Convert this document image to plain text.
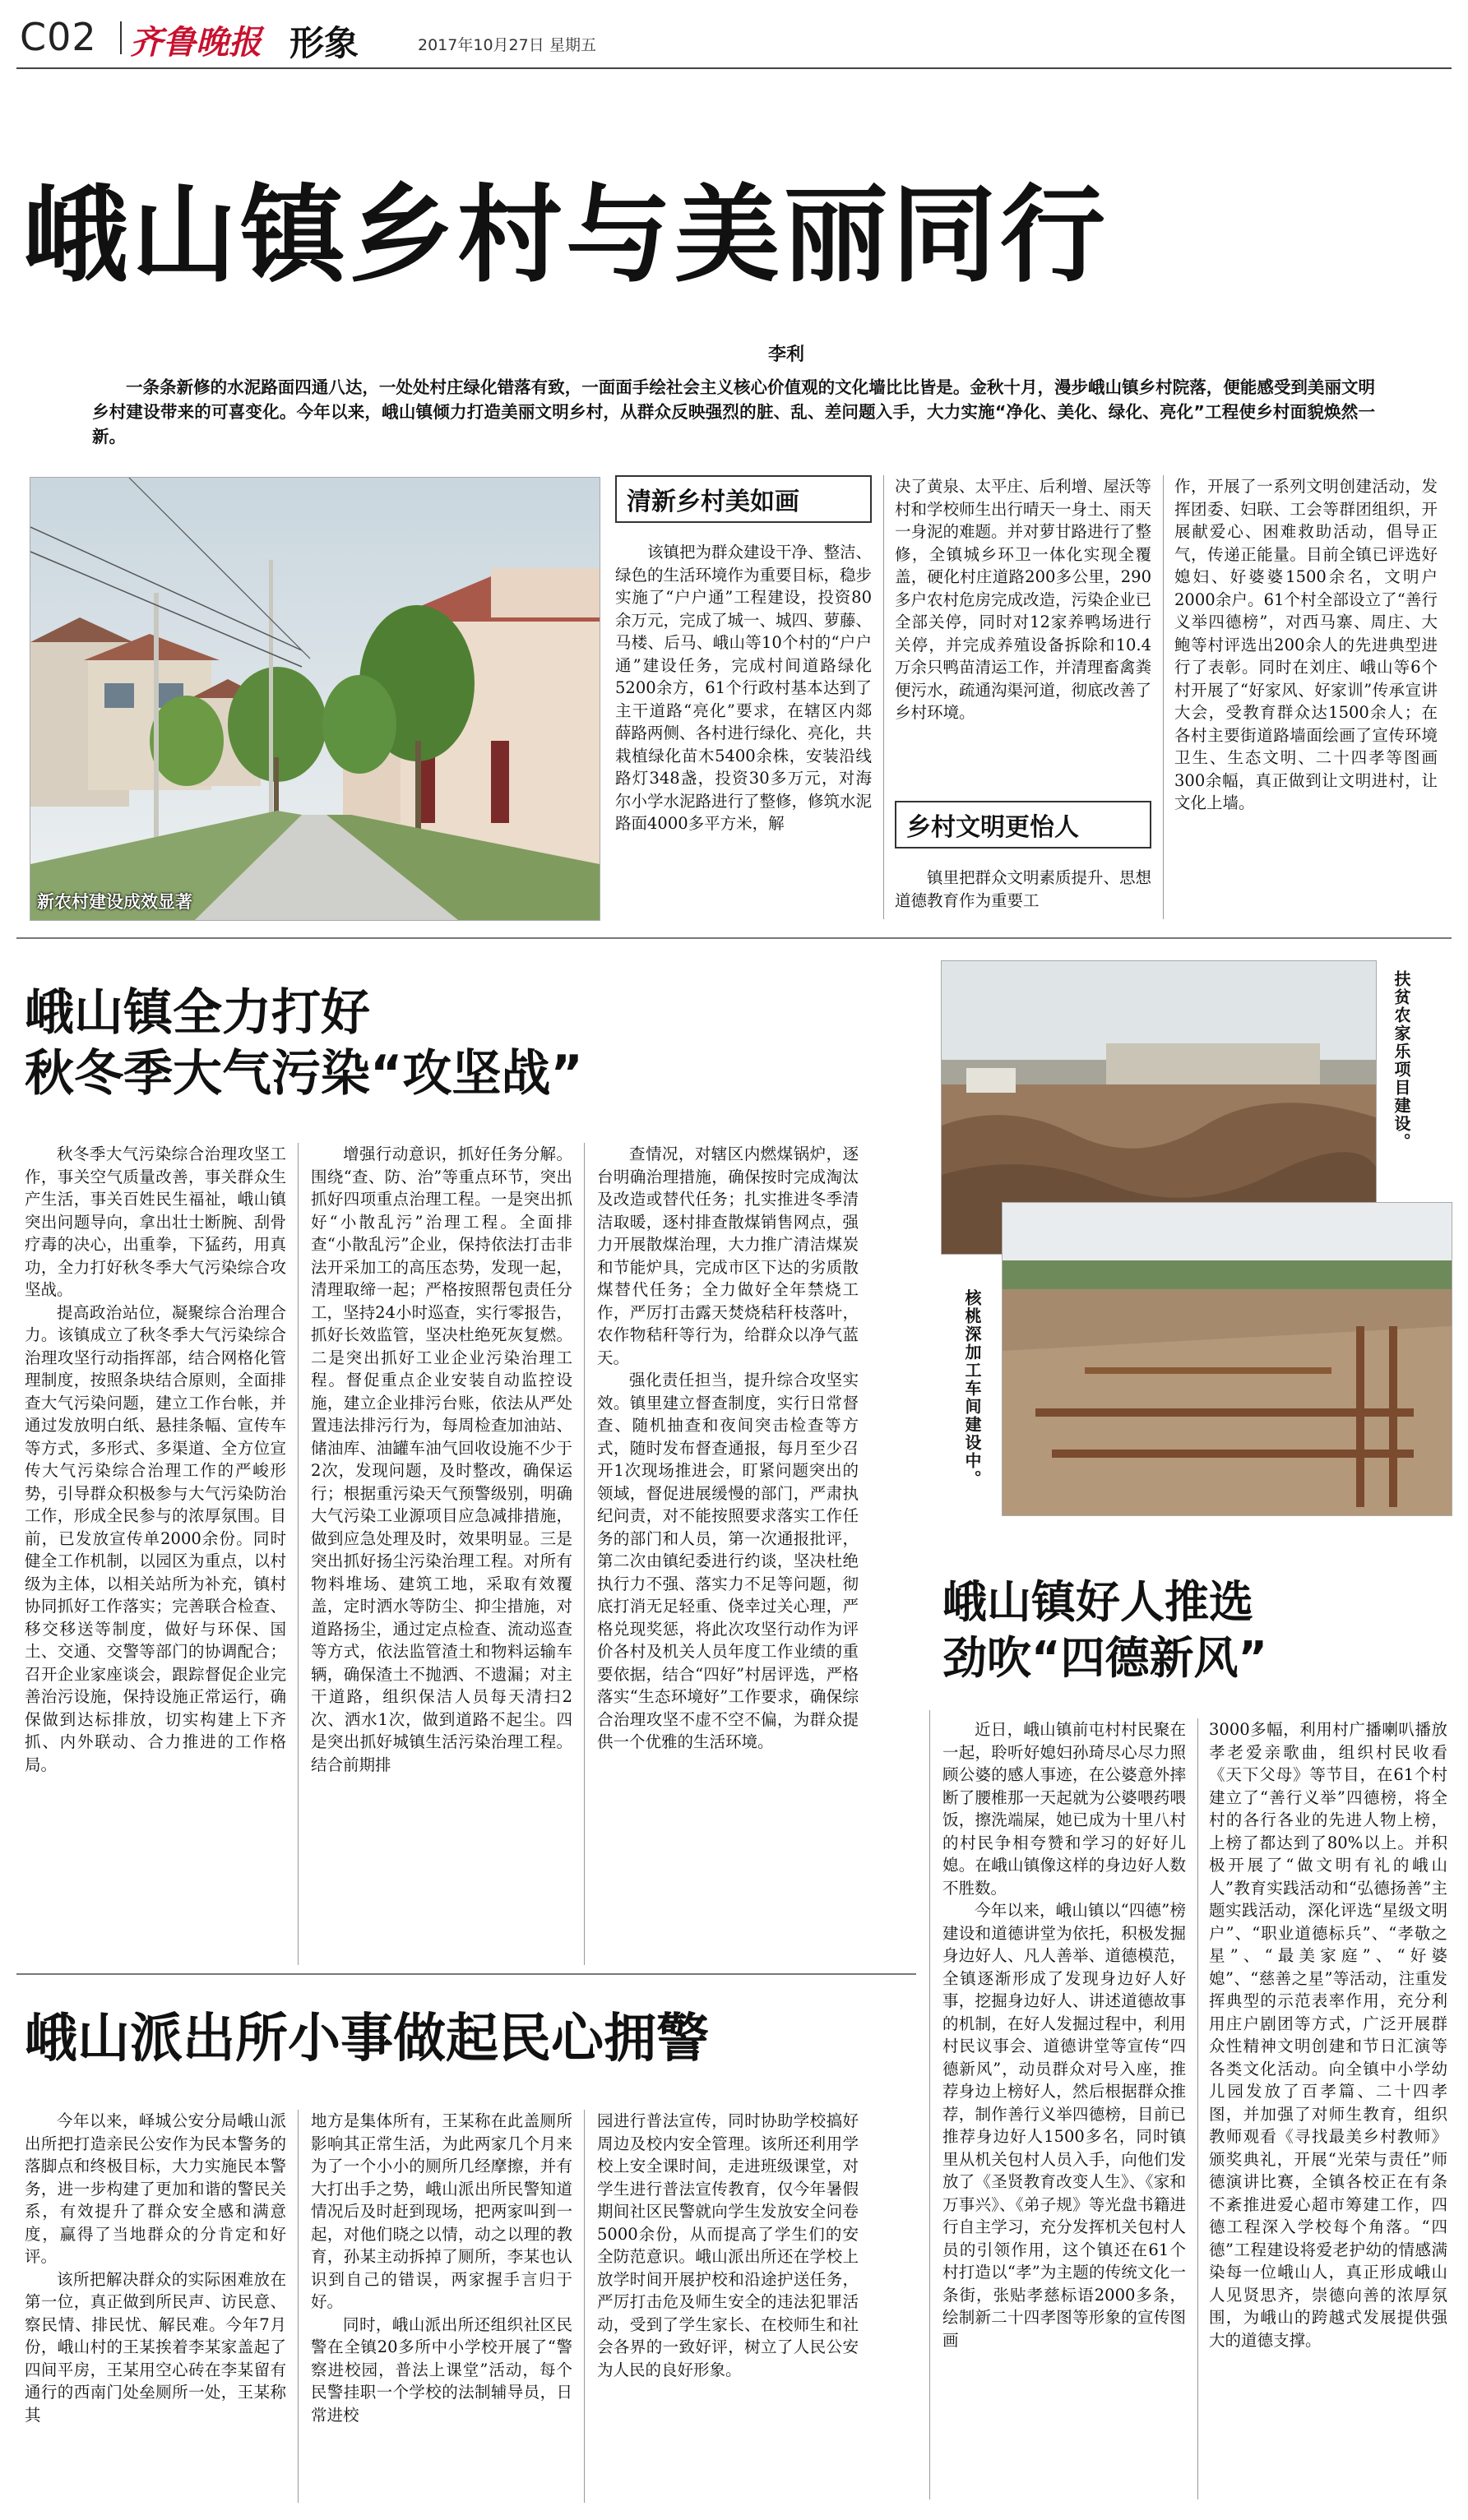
C02 齐鲁晚报 形象	2017年10月27日 星期五
峨山镇乡村与美丽同行
李利

一条条新修的水泥路面四通八达，一处处村庄绿化错落有致，一面面手绘社会主义核心价值观的文化墙比比皆是。金秋十月，漫步峨山镇乡村院落，便能感受到美丽文明乡村建设带来的可喜变化。今年以来，峨山镇倾力打造美丽文明乡村，从群众反映强烈的脏、乱、差问题入手，大力实施“净化、美化、绿化、亮化”工程使乡村面貌焕然一新。

新农村建设成效显著
清新乡村美如画

该镇把为群众建设干净、整洁、绿色的生活环境作为重要目标，稳步实施了“户户通”工程建设，投资80余万元，完成了城一、城四、萝藤、马楼、后马、峨山等10个村的“户户通”建设任务，完成村间道路绿化5200余方，61个行政村基本达到了主干道路“亮化”要求，在辖区内郯薛路两侧、各村进行绿化、亮化，共栽植绿化苗木5400余株，安装沿线路灯348盏，投资30多万元，对海尔小学水泥路进行了整修，修筑水泥路面4000多平方米，解

决了黄泉、太平庄、后利增、屋沃等村和学校师生出行晴天一身土、雨天一身泥的难题。并对萝甘路进行了整修，全镇城乡环卫一体化实现全覆盖，硬化村庄道路200多公里，290多户农村危房完成改造，污染企业已全部关停，同时对12家养鸭场进行关停，并完成养殖设备拆除和10.4万余只鸭苗清运工作，并清理畜禽粪便污水，疏通沟渠河道，彻底改善了乡村环境。

乡村文明更怡人

镇里把群众文明素质提升、思想道德教育作为重要工

作，开展了一系列文明创建活动，发挥团委、妇联、工会等群团组织，开展献爱心、困难救助活动，倡导正气，传递正能量。目前全镇已评选好媳妇、好婆婆1500余名，文明户2000余户。61个村全部设立了“善行义举四德榜”，对西马寨、周庄、大鲍等村评选出200余人的先进典型进行了表彰。同时在刘庄、峨山等6个村开展了“好家风、好家训”传承宣讲大会，受教育群众达1500余人；在各村主要街道路墙面绘画了宣传环境卫生、生态文明、二十四孝等图画300余幅，真正做到让文明进村，让文化上墙。

峨山镇全力打好
秋冬季大气污染“攻坚战”

秋冬季大气污染综合治理攻坚工作，事关空气质量改善，事关群众生产生活，事关百姓民生福祉，峨山镇突出问题导向，拿出壮士断腕、刮骨疗毒的决心，出重拳，下猛药，用真功，全力打好秋冬季大气污染综合攻坚战。

提高政治站位，凝聚综合治理合力。该镇成立了秋冬季大气污染综合治理攻坚行动指挥部，结合网格化管理制度，按照条块结合原则，全面排查大气污染问题，建立工作台帐，并通过发放明白纸、悬挂条幅、宣传车等方式，多形式、多渠道、全方位宣传大气污染综合治理工作的严峻形势，引导群众积极参与大气污染防治工作，形成全民参与的浓厚氛围。目前，已发放宣传单2000余份。同时健全工作机制，以园区为重点，以村级为主体，以相关站所为补充，镇村协同抓好工作落实；完善联合检查、移交移送等制度，做好与环保、国土、交通、交警等部门的协调配合；召开企业家座谈会，跟踪督促企业完善治污设施，保持设施正常运行，确保做到达标排放，切实构建上下齐抓、内外联动、合力推进的工作格局。

增强行动意识，抓好任务分解。围绕“查、防、治”等重点环节，突出抓好四项重点治理工程。一是突出抓好“小散乱污”治理工程。全面排查“小散乱污”企业，保持依法打击非法开采加工的高压态势，发现一起，清理取缔一起；严格按照帮包责任分工，坚持24小时巡查，实行零报告，抓好长效监管，坚决杜绝死灰复燃。二是突出抓好工业企业污染治理工程。督促重点企业安装自动监控设施，建立企业排污台账，依法从严处置违法排污行为，每周检查加油站、储油库、油罐车油气回收设施不少于2次，发现问题，及时整改，确保运行；根据重污染天气预警级别，明确大气污染工业源项目应急减排措施，做到应急处理及时，效果明显。三是突出抓好扬尘污染治理工程。对所有物料堆场、建筑工地，采取有效覆盖，定时洒水等防尘、抑尘措施，对道路扬尘，通过定点检查、流动巡查等方式，依法监管渣土和物料运输车辆，确保渣土不抛洒、不遗漏；对主干道路，组织保洁人员每天清扫2次、洒水1次，做到道路不起尘。四是突出抓好城镇生活污染治理工程。结合前期排

查情况，对辖区内燃煤锅炉，逐台明确治理措施，确保按时完成淘汰及改造或替代任务；扎实推进冬季清洁取暖，逐村排查散煤销售网点，强力开展散煤治理，大力推广清洁煤炭和节能炉具，完成市区下达的劣质散煤替代任务；全力做好全年禁烧工作，严厉打击露天焚烧秸秆枝落叶，农作物秸秆等行为，给群众以净气蓝天。

强化责任担当，提升综合攻坚实效。镇里建立督查制度，实行日常督查、随机抽查和夜间突击检查等方式，随时发布督查通报，每月至少召开1次现场推进会，盯紧问题突出的领域，督促进展缓慢的部门，严肃执纪问责，对不能按照要求落实工作任务的部门和人员，第一次通报批评，第二次由镇纪委进行约谈，坚决杜绝执行力不强、落实力不足等问题，彻底打消无足轻重、侥幸过关心理，严格兑现奖惩，将此次攻坚行动作为评价各村及机关人员年度工作业绩的重要依据，结合“四好”村居评选，严格落实“生态环境好”工作要求，确保综合治理攻坚不虚不空不偏，为群众提供一个优雅的生活环境。

扶贫农家乐项目建设。
核桃深加工车间建设中。
峨山镇好人推选
劲吹“四德新风”

近日，峨山镇前屯村村民聚在一起，聆听好媳妇孙琦尽心尽力照顾公婆的感人事迹，在公婆意外摔断了腰椎那一天起就为公婆喂药喂饭，擦洗端屎，她已成为十里八村的村民争相夸赞和学习的好好儿媳。在峨山镇像这样的身边好人数不胜数。

今年以来，峨山镇以“四德”榜建设和道德讲堂为依托，积极发掘身边好人、凡人善举、道德模范，全镇逐渐形成了发现身边好人好事，挖掘身边好人、讲述道德故事的机制，在好人发掘过程中，利用村民议事会、道德讲堂等宣传“四德新风”，动员群众对号入座，推荐身边上榜好人，然后根据群众推荐，制作善行义举四德榜，目前已推荐身边好人1500多名，同时镇里从机关包村人员入手，向他们发放了《圣贤教育改变人生》、《家和万事兴》、《弟子规》等光盘书籍进行自主学习，充分发挥机关包村人员的引领作用，这个镇还在61个村打造以“孝”为主题的传统文化一条街，张贴孝慈标语2000多条，绘制新二十四孝图等形象的宣传图画

3000多幅，利用村广播喇叭播放孝老爱亲歌曲，组织村民收看《天下父母》等节目，在61个村建立了“善行义举”四德榜，将全村的各行各业的先进人物上榜，上榜了都达到了80%以上。并积极开展了“做文明有礼的峨山人”教育实践活动和“弘德扬善”主题实践活动，深化评选“星级文明户”、“职业道德标兵”、“孝敬之星”、“最美家庭”、“好婆媳”、“慈善之星”等活动，注重发挥典型的示范表率作用，充分利用庄户剧团等方式，广泛开展群众性精神文明创建和节日汇演等各类文化活动。向全镇中小学幼儿园发放了百孝篇、二十四孝图，并加强了对师生教育，组织教师观看《寻找最美乡村教师》颁奖典礼，开展“光荣与责任”师德演讲比赛，全镇各校正在有条不紊推进爱心超市筹建工作，四德工程深入学校每个角落。“四德”工程建设将爱老护幼的情感满染每一位峨山人，真正形成峨山人见贤思齐，崇德向善的浓厚氛围，为峨山的跨越式发展提供强大的道德支撑。

峨山派出所小事做起民心拥警

今年以来，峄城公安分局峨山派出所把打造亲民公安作为民本警务的落脚点和终极目标，大力实施民本警务，进一步构建了更加和谐的警民关系，有效提升了群众安全感和满意度，赢得了当地群众的分肯定和好评。

该所把解决群众的实际困难放在第一位，真正做到所民声、访民意、察民情、排民忧、解民难。今年7月份，峨山村的王某挨着李某家盖起了四间平房，王某用空心砖在李某留有通行的西南门处垒厕所一处，王某称其

地方是集体所有，王某称在此盖厕所影响其正常生活，为此两家几个月来为了一个小小的厕所几经摩擦，并有大打出手之势，峨山派出所民警知道情况后及时赶到现场，把两家叫到一起，对他们晓之以情，动之以理的教育，孙某主动拆掉了厕所，李某也认识到自己的错误，两家握手言归于好。

同时，峨山派出所还组织社区民警在全镇20多所中小学校开展了“警察进校园，普法上课堂”活动，每个民警挂职一个学校的法制辅导员，日常进校

园进行普法宣传，同时协助学校搞好周边及校内安全管理。该所还利用学校上安全课时间，走进班级课堂，对学生进行普法宣传教育，仅今年暑假期间社区民警就向学生发放安全问卷5000余份，从而提高了学生们的安全防范意识。峨山派出所还在学校上放学时间开展护校和沿途护送任务，严厉打击危及师生安全的违法犯罪活动，受到了学生家长、在校师生和社会各界的一致好评，树立了人民公安为人民的良好形象。
